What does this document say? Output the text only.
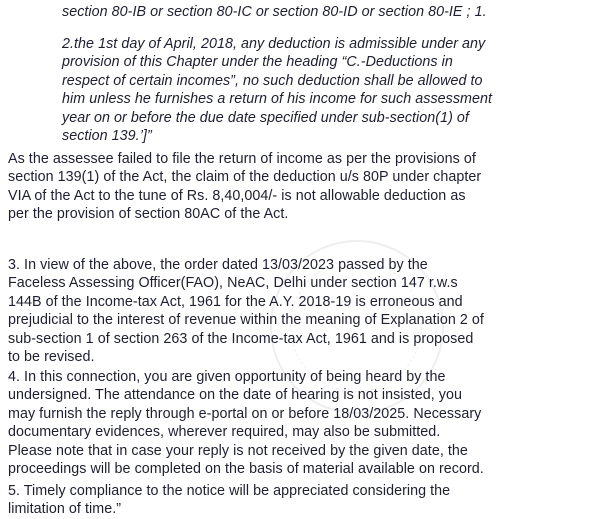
section 80-IB or section 80-IC or section 80-ID or section 80-IE ; 1.

2.the 1st day of April, 2018, any deduction is admissible under any
provision of this Chapter under the heading “C.-Deductions in
respect of certain incomes”, no such deduction shall be allowed to
him unless he furnishes a return of his income for such assessment
year on or before the due date specified under sub-section(1) of
section 139.’]”

As the assessee failed to file the return of income as per the provisions of
section 139(1) of the Act, the claim of the deduction u/s 80P under chapter
VIA of the Act to the tune of Rs. 8,40,004/- is not allowable deduction as
per the provision of section 80AC of the Act.

3. In view of the above, the order dated 13/03/2023 passed by the
Faceless Assessing Officer(FAO), NeAC, Delhi under section 147 r.w.s
144B of the Income-tax Act, 1961 for the A.Y. 2018-19 is erroneous and
prejudicial to the interest of revenue within the meaning of Explanation 2 of
sub-section 1 of section 263 of the Income-tax Act, 1961 and is proposed
to be revised.

4. In this connection, you are given opportunity of being heard by the
undersigned. The attendance on the date of hearing is not insisted, you
may furnish the reply through e-portal on or before 18/03/2025. Necessary
documentary evidences, wherever required, may also be submitted.
Please note that in case your reply is not received by the given date, the
proceedings will be completed on the basis of material available on record.

5. Timely compliance to the notice will be appreciated considering the
limitation of time.”
